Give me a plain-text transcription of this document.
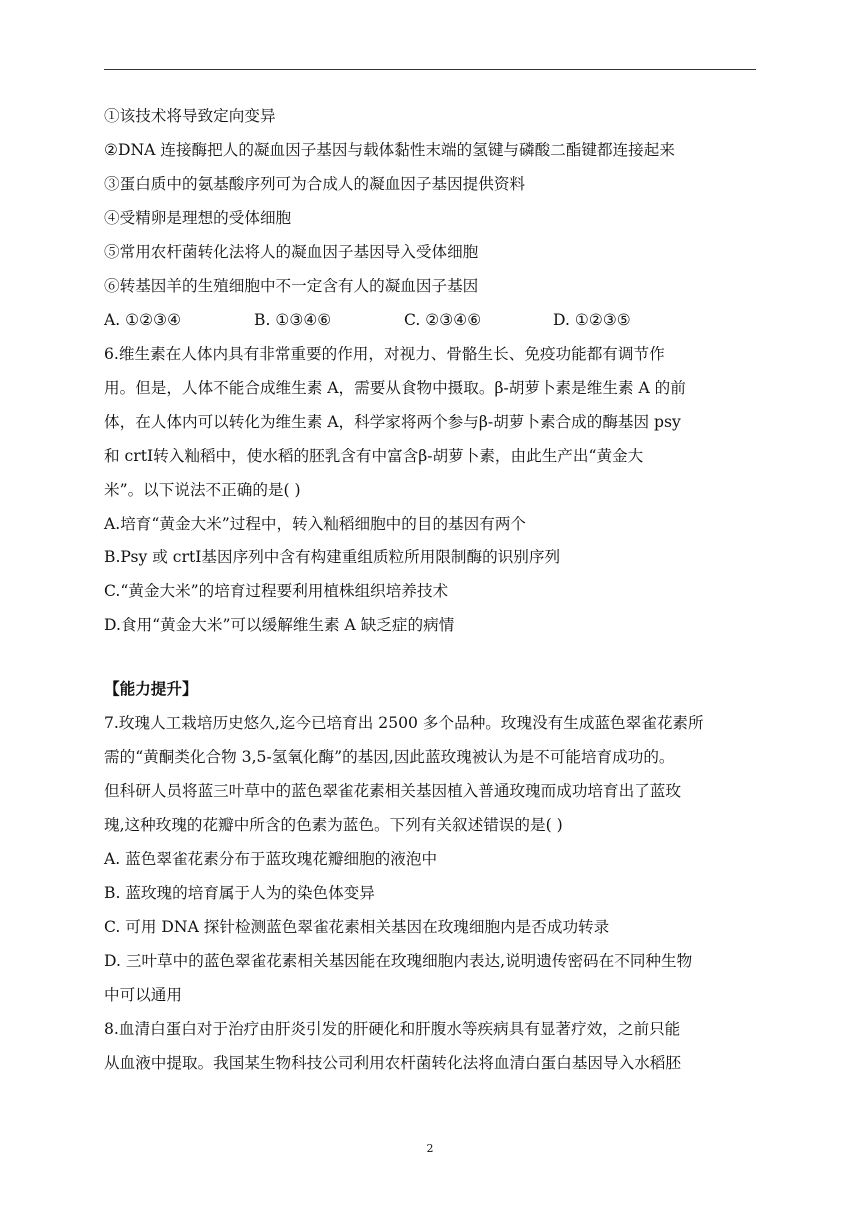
①该技术将导致定向变异
②DNA 连接酶把人的凝血因子基因与载体黏性末端的氢键与磷酸二酯键都连接起来
③蛋白质中的氨基酸序列可为合成人的凝血因子基因提供资料
④受精卵是理想的受体细胞
⑤常用农杆菌转化法将人的凝血因子基因导入受体细胞
⑥转基因羊的生殖细胞中不一定含有人的凝血因子基因
A. ①②③④	B. ①③④⑥	C. ②③④⑥	D. ①②③⑤
6.维生素在人体内具有非常重要的作用，对视力、骨骼生长、免疫功能都有调节作
用。但是，人体不能合成维生素 A，需要从食物中摄取。β-胡萝卜素是维生素 A 的前
体，在人体内可以转化为维生素 A，科学家将两个参与β-胡萝卜素合成的酶基因 psy
和 crtⅠ转入籼稻中，使水稻的胚乳含有中富含β-胡萝卜素，由此生产出“黄金大
米”。以下说法不正确的是( )
A.培育“黄金大米”过程中，转入籼稻细胞中的目的基因有两个
B.Psy 或 crtⅠ基因序列中含有构建重组质粒所用限制酶的识别序列
C.“黄金大米”的培育过程要利用植株组织培养技术
D.食用“黄金大米”可以缓解维生素 A 缺乏症的病情
【能力提升】
7.玫瑰人工栽培历史悠久,迄今已培育出 2500 多个品种。玫瑰没有生成蓝色翠雀花素所
需的“黄酮类化合物 3,5-氢氧化酶”的基因,因此蓝玫瑰被认为是不可能培育成功的。
但科研人员将蓝三叶草中的蓝色翠雀花素相关基因植入普通玫瑰而成功培育出了蓝玫
瑰,这种玫瑰的花瓣中所含的色素为蓝色。下列有关叙述错误的是( )
A. 蓝色翠雀花素分布于蓝玫瑰花瓣细胞的液泡中
B. 蓝玫瑰的培育属于人为的染色体变异
C. 可用 DNA 探针检测蓝色翠雀花素相关基因在玫瑰细胞内是否成功转录
D. 三叶草中的蓝色翠雀花素相关基因能在玫瑰细胞内表达,说明遗传密码在不同种生物
中可以通用
8.血清白蛋白对于治疗由肝炎引发的肝硬化和肝腹水等疾病具有显著疗效，之前只能
从血液中提取。我国某生物科技公司利用农杆菌转化法将血清白蛋白基因导入水稻胚
2
